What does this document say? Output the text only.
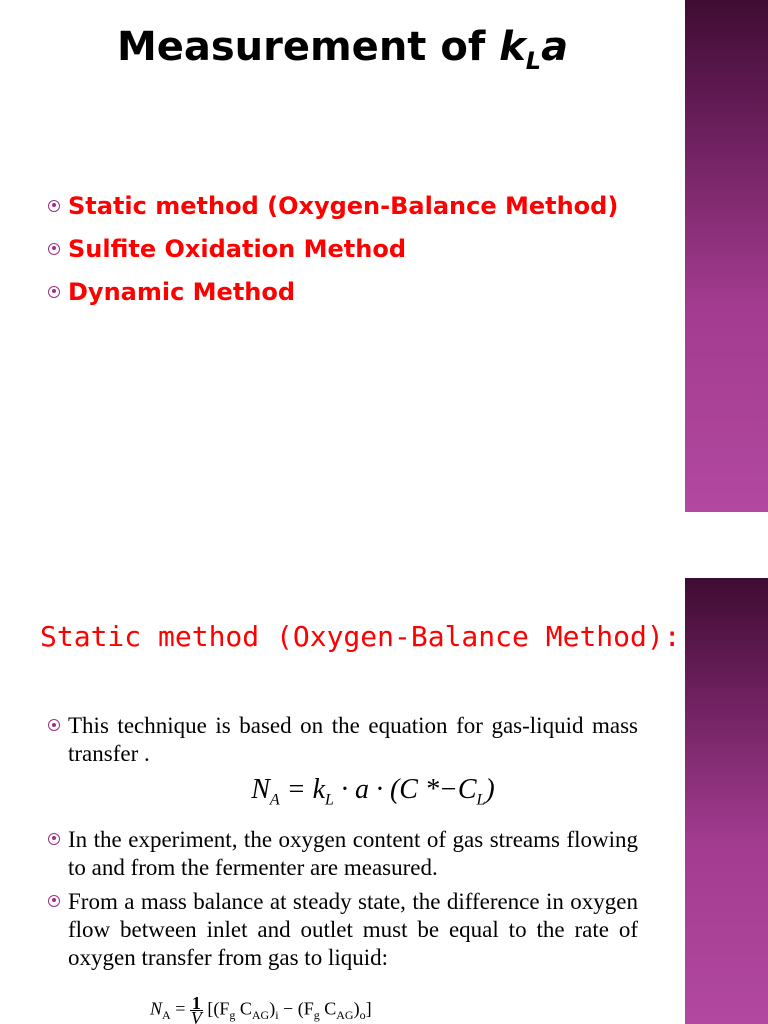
Measurement of $k_La$
Static method (Oxygen-Balance Method)
Sulfite Oxidation Method
Dynamic Method
Static method (Oxygen-Balance Method):
This technique is based on the equation for gas-liquid mass transfer .
$N_A = k_L \cdot a \cdot (C$ $*-C_L$)
In the experiment, the oxygen content of gas streams flowing to and from the fermenter are measured.
From a mass balance at steady state, the difference in oxygen flow between inlet and outlet must be equal to the rate of oxygen transfer from gas to liquid:
$N_A = \frac{1}{V} [(F_g$ $C_{AG})_i - (F_g$ $C_{AG})_o$]
